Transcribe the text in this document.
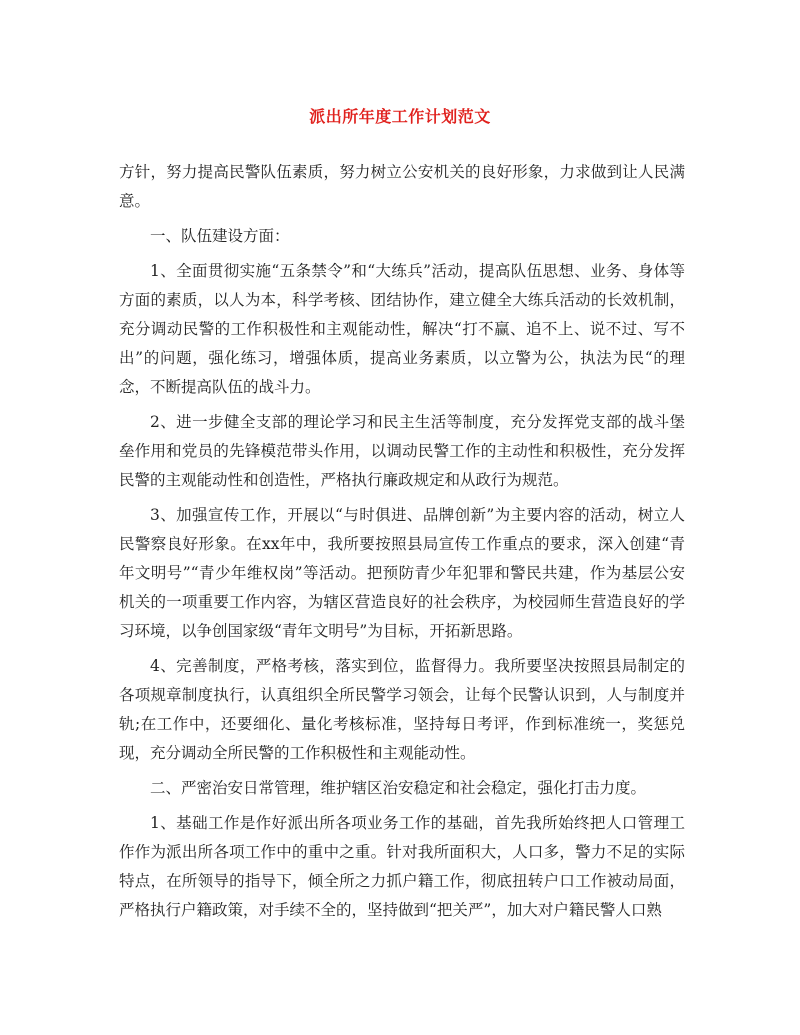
派出所年度工作计划范文

方针，努力提高民警队伍素质，努力树立公安机关的良好形象，力求做到让人民满意。

一、队伍建设方面：

1、全面贯彻实施“五条禁令”和“大练兵”活动，提高队伍思想、业务、身体等方面的素质，以人为本，科学考核、团结协作，建立健全大练兵活动的长效机制，充分调动民警的工作积极性和主观能动性，解决“打不赢、追不上、说不过、写不出”的问题，强化练习，增强体质，提高业务素质，以立警为公，执法为民“的理念，不断提高队伍的战斗力。

2、进一步健全支部的理论学习和民主生活等制度，充分发挥党支部的战斗堡垒作用和党员的先锋模范带头作用，以调动民警工作的主动性和积极性，充分发挥民警的主观能动性和创造性，严格执行廉政规定和从政行为规范。

3、加强宣传工作，开展以“与时俱进、品牌创新”为主要内容的活动，树立人民警察良好形象。在xx年中，我所要按照县局宣传工作重点的要求，深入创建“青年文明号”“青少年维权岗”等活动。把预防青少年犯罪和警民共建，作为基层公安机关的一项重要工作内容，为辖区营造良好的社会秩序，为校园师生营造良好的学习环境，以争创国家级“青年文明号”为目标，开拓新思路。

4、完善制度，严格考核，落实到位，监督得力。我所要坚决按照县局制定的各项规章制度执行，认真组织全所民警学习领会，让每个民警认识到，人与制度并轨;在工作中，还要细化、量化考核标准，坚持每日考评，作到标准统一，奖惩兑现，充分调动全所民警的工作积极性和主观能动性。

二、严密治安日常管理，维护辖区治安稳定和社会稳定，强化打击力度。

1、基础工作是作好派出所各项业务工作的基础，首先我所始终把人口管理工作作为派出所各项工作中的重中之重。针对我所面积大，人口多，警力不足的实际特点，在所领导的指导下，倾全所之力抓户籍工作，彻底扭转户口工作被动局面，严格执行户籍政策，对手续不全的，坚持做到“把关严”，加大对户籍民警人口熟
